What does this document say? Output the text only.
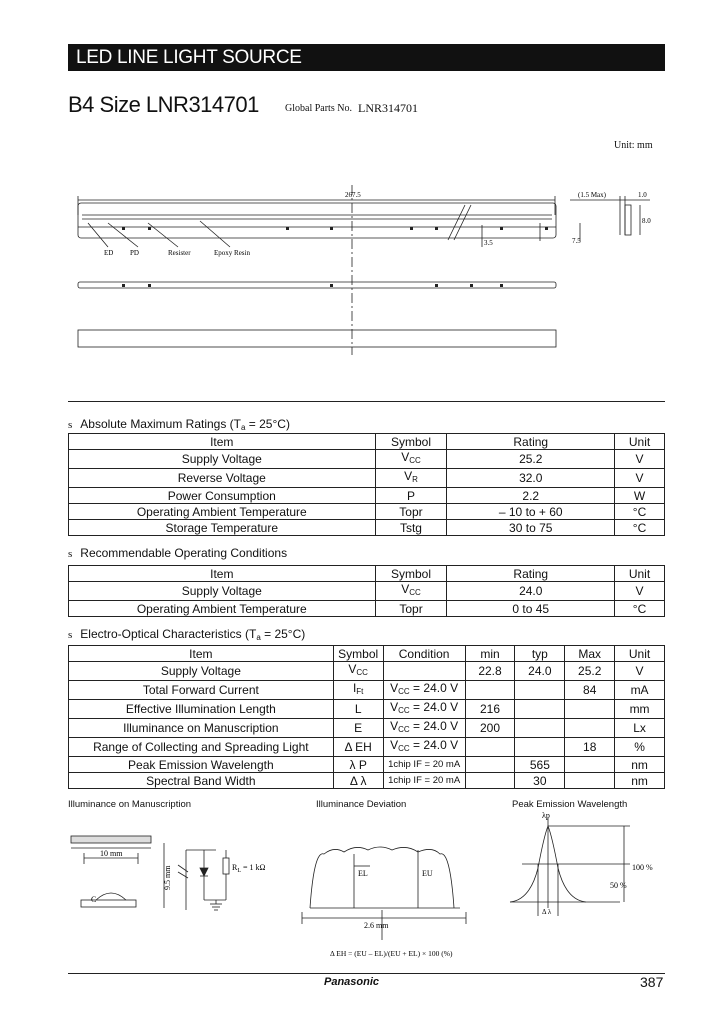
LED LINE LIGHT SOURCE
B4 Size LNR314701	Global Parts No. LNR314701
Unit: mm
267.5	(1.5 Max)	1.0
8.0
7.5
3.5
ED PD	Resister	Epoxy Resin
s Absolute Maximum Ratings $(T_a = 25^\circ C)$
Item	Symbol	Rating	Unit
Supply Voltage	$V_{CC}$	25.2	V
Reverse Voltage	$V_R$	32.0	V
Power Consumption	P	2.2	W
Operating Ambient Temperature	Topr	– 10 to + 60	°C
Storage Temperature	Tstg	30 to 75	°C
s Recommendable Operating Conditions
Item	Symbol	Rating	Unit
Supply Voltage	$V_{CC}$	24.0	V
Operating Ambient Temperature	Topr	0 to 45	°C
s Electro-Optical Characteristics $(T_a = 25^\circ C)$
Item	Symbol	Condition	min	typ	Max	Unit
Supply Voltage	$V_{CC}$		22.8	24.0	25.2	V
Total Forward Current	$I_{Ft}$	$V_{CC} = 24.0$ V			84	mA
Effective Illumination Length	L	$V_{CC} = 24.0$ V	216			mm
Illuminance on Manuscription	E	$V_{CC} = 24.0$ V	200			Lx
Range of Collecting and Spreading Light	Δ EH	$V_{CC} = 24.0$ V			18	%
Peak Emission Wavelength	λ P	1chip IF = 20 mA		565		nm
Spectral Band Width	Δ λ	1chip IF = 20 mA		30		nm
Illuminance on Manuscription	Illuminance Deviation	Peak Emission Wavelength
10 mm
9.5 mm	$R_L = 1$ kΩ
C
EL	EU
2.6 mm
Δ EH = (EU – EL)/(EU + EL) × 100 (%)
λp
100 %
50 %
Δ λ
Panasonic	387
